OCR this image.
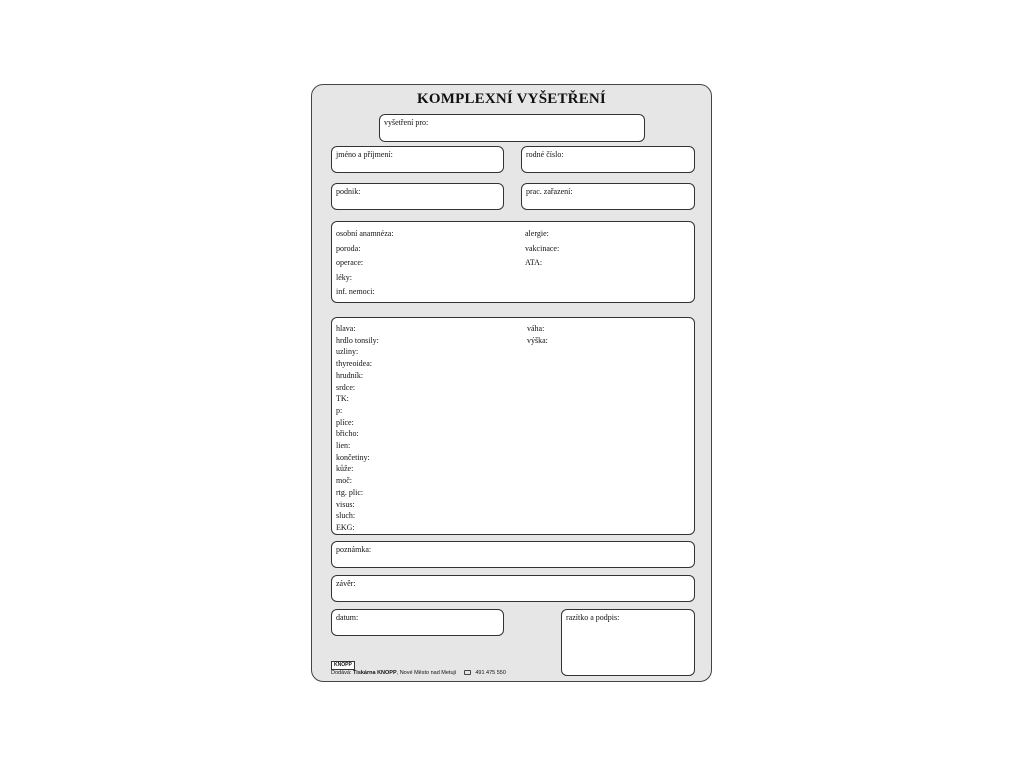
KOMPLEXNÍ VYŠETŘENÍ
vyšetření pro:
jméno a příjmení:	rodné číslo:
podnik:	prac. zařazení:
osobní anamnéza:
poroda:
operace:
léky:
inf. nemoci:
alergie:
vakcinace:
ATA:
hlava:
hrdlo tonsily:
uzliny:
thyreoidea:
hrudník:
srdce:
TK:
p:
plíce:
břicho:
lien:
končetiny:
kůže:
moč:
rtg. plic:
visus:
sluch:
EKG:
váha:
výška:
poznámka:
závěr:
datum:	razítko a podpis:
KNOPP
Dodává: Tiskárna KNOPP, Nové Město nad Metují	491 475 550
